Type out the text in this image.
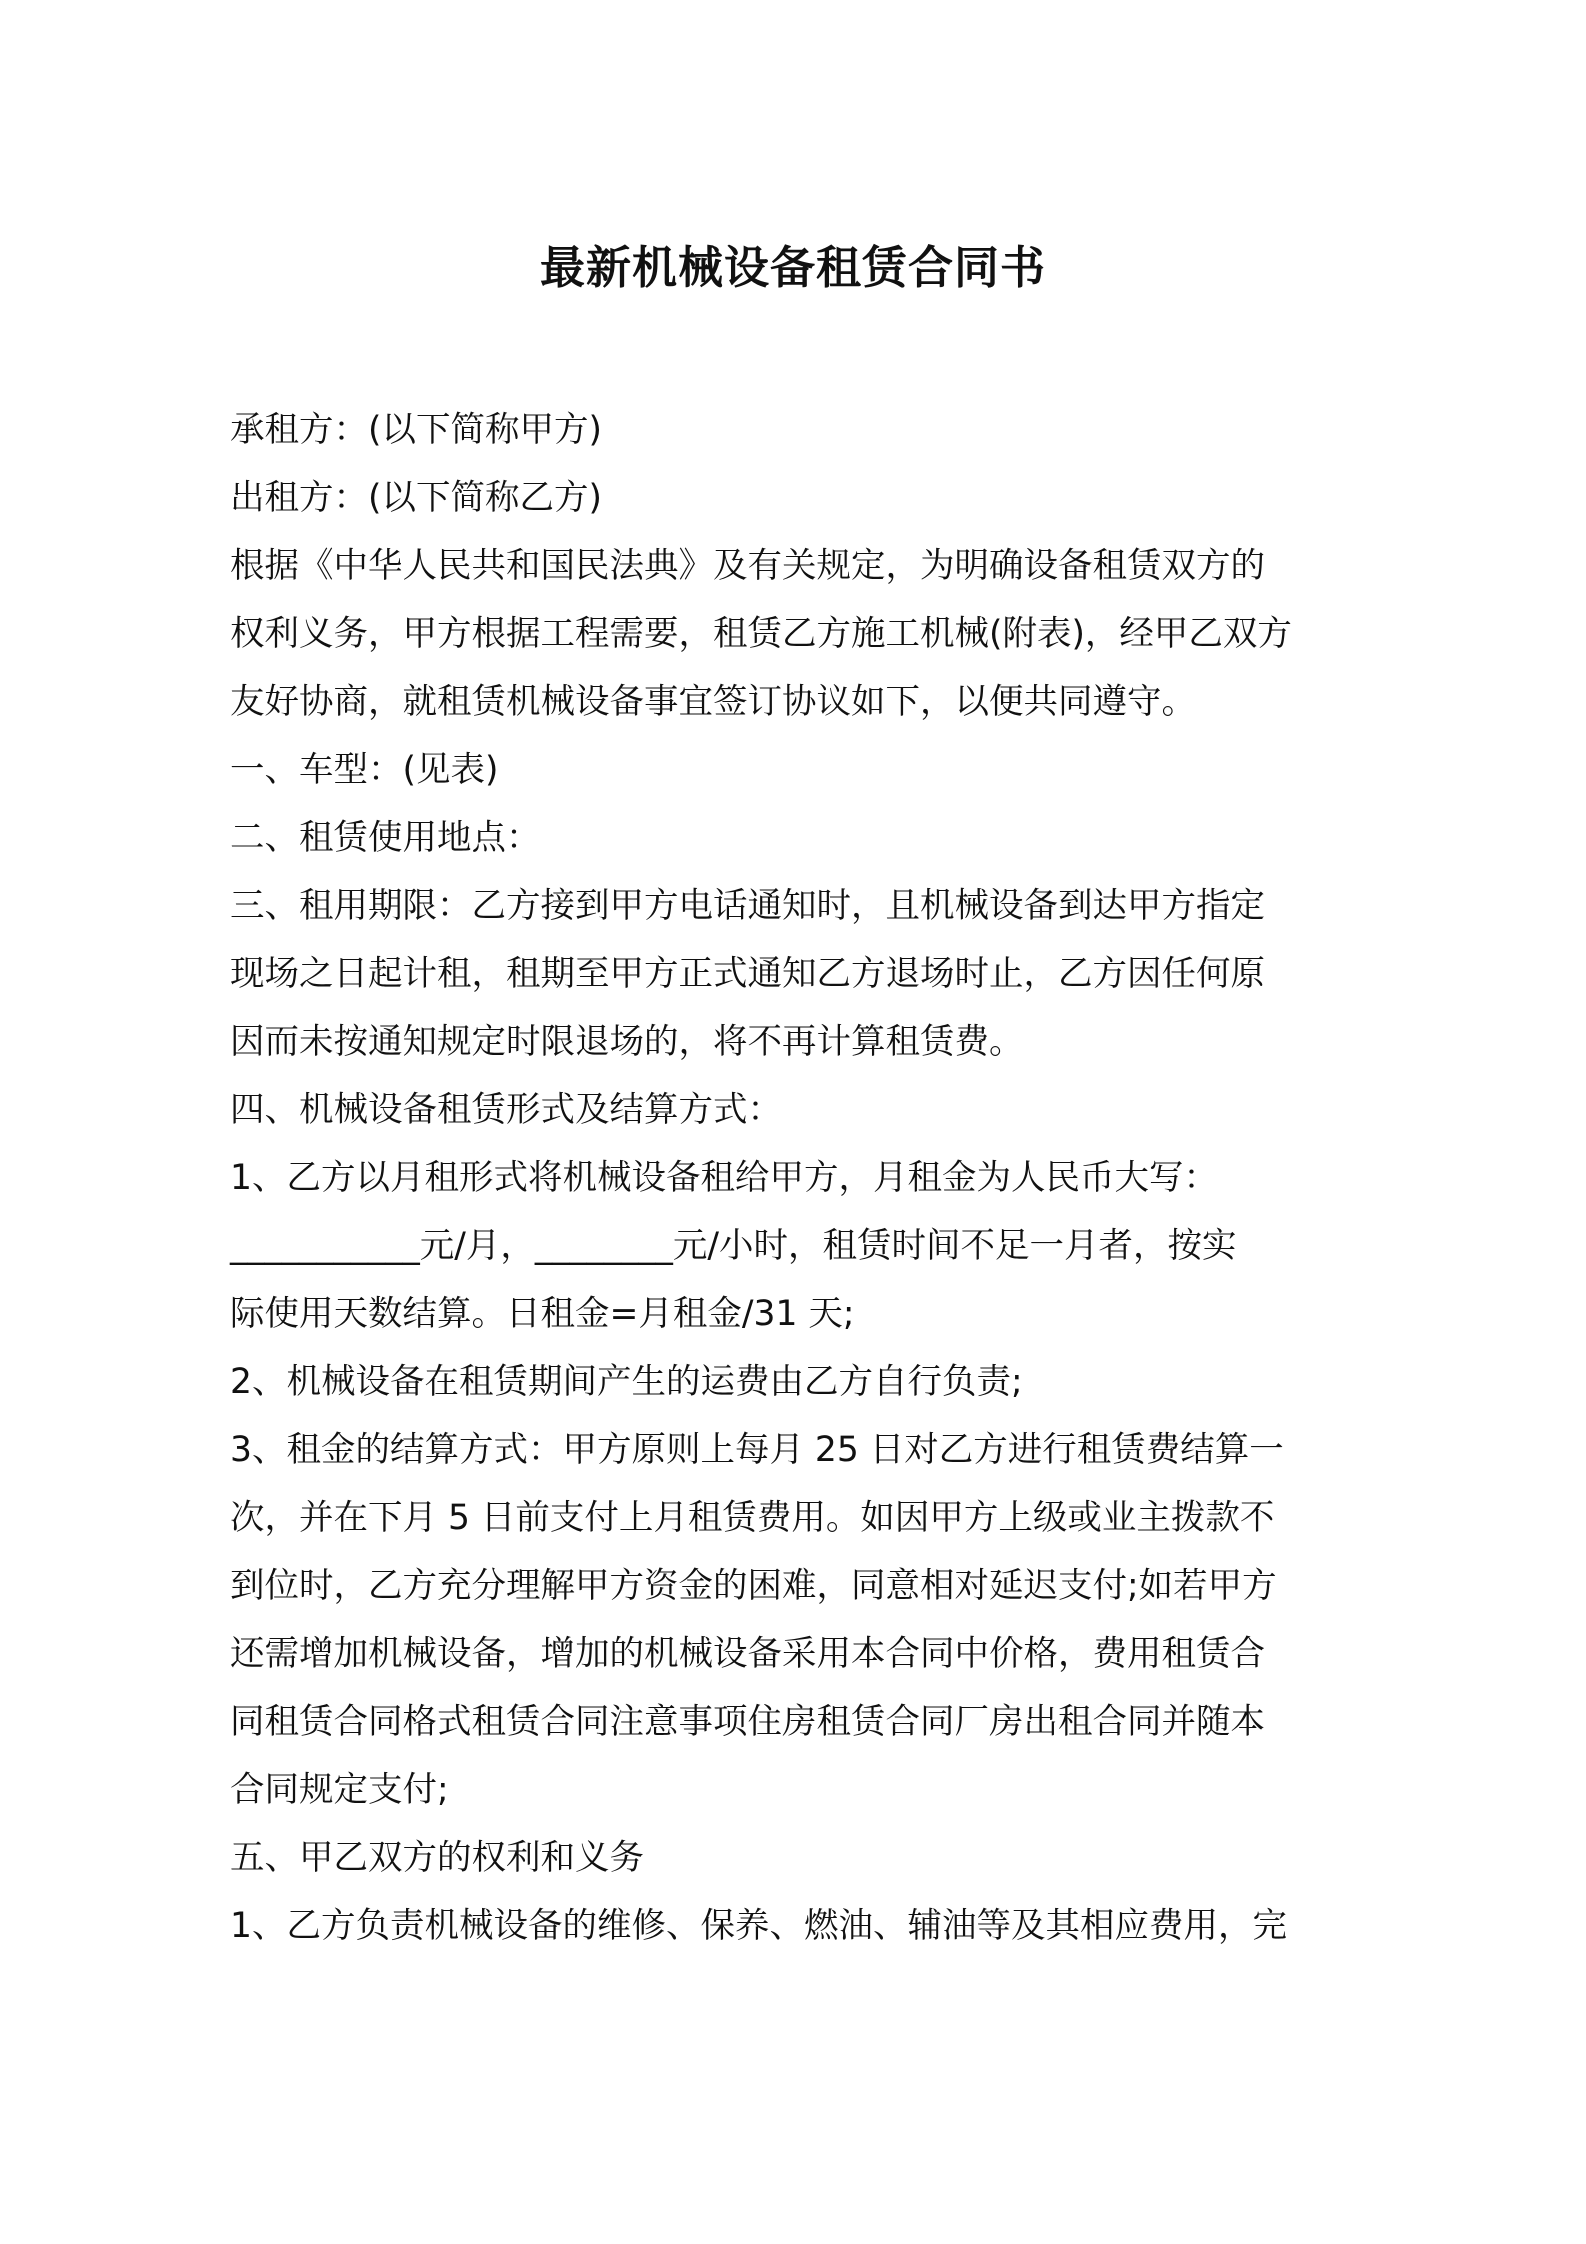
最新机械设备租赁合同书

承租方：(以下简称甲方)

出租方：(以下简称乙方)

根据《中华人民共和国民法典》及有关规定，为明确设备租赁双方的

权利义务，甲方根据工程需要，租赁乙方施工机械(附表)，经甲乙双方

友好协商，就租赁机械设备事宜签订协议如下，以便共同遵守。

一、车型：(见表)

二、租赁使用地点：

三、租用期限：乙方接到甲方电话通知时，且机械设备到达甲方指定

现场之日起计租，租期至甲方正式通知乙方退场时止，乙方因任何原

因而未按通知规定时限退场的，将不再计算租赁费。

四、机械设备租赁形式及结算方式：

1、乙方以月租形式将机械设备租给甲方，月租金为人民币大写：

___________元/月，________元/小时，租赁时间不足一月者，按实

际使用天数结算。日租金=月租金/31 天;

2、机械设备在租赁期间产生的运费由乙方自行负责;

3、租金的结算方式：甲方原则上每月 25 日对乙方进行租赁费结算一

次，并在下月 5 日前支付上月租赁费用。如因甲方上级或业主拨款不

到位时，乙方充分理解甲方资金的困难，同意相对延迟支付;如若甲方

还需增加机械设备，增加的机械设备采用本合同中价格，费用租赁合

同租赁合同格式租赁合同注意事项住房租赁合同厂房出租合同并随本

合同规定支付;

五、甲乙双方的权利和义务

1、乙方负责机械设备的维修、保养、燃油、辅油等及其相应费用，完
